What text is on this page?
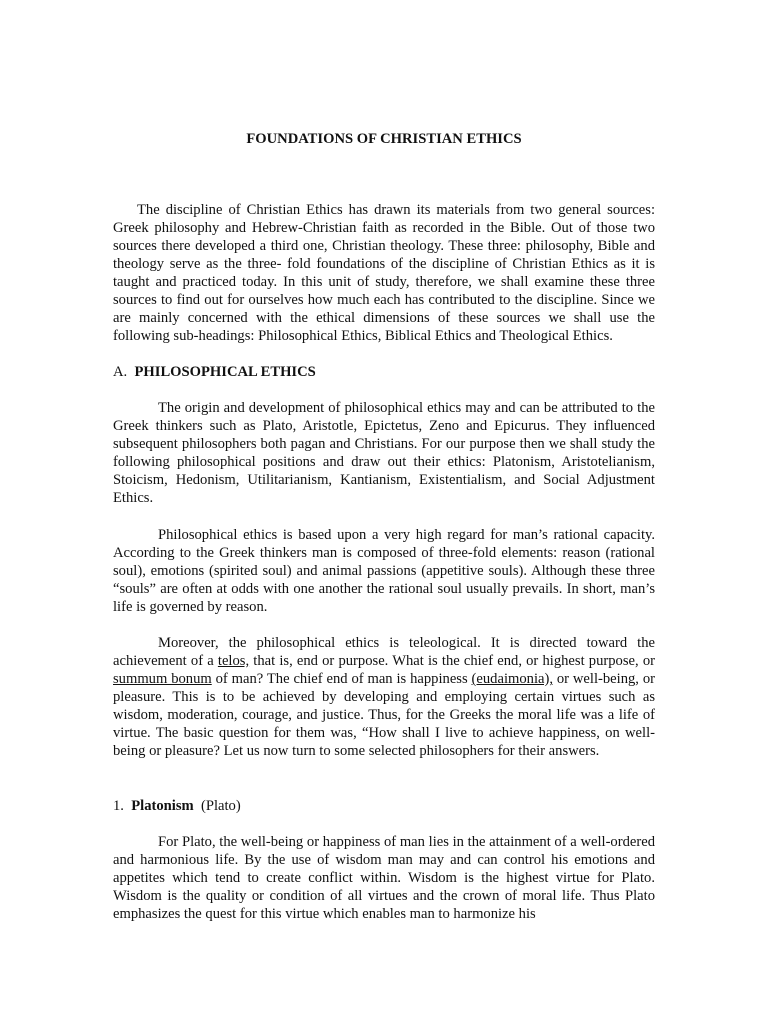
FOUNDATIONS OF CHRISTIAN ETHICS

The discipline of Christian Ethics has drawn its materials from two general sources: Greek philosophy and Hebrew-Christian faith as recorded in the Bible. Out of those two sources there developed a third one, Christian theology. These three: philosophy, Bible and theology serve as the three- fold foundations of the discipline of Christian Ethics as it is taught and practiced today. In this unit of study, therefore, we shall examine these three sources to find out for ourselves how much each has contributed to the discipline. Since we are mainly concerned with the ethical dimensions of these sources we shall use the following sub-headings: Philosophical Ethics, Biblical Ethics and Theological Ethics.

A. PHILOSOPHICAL ETHICS

The origin and development of philosophical ethics may and can be attributed to the Greek thinkers such as Plato, Aristotle, Epictetus, Zeno and Epicurus. They influenced subsequent philosophers both pagan and Christians. For our purpose then we shall study the following philosophical positions and draw out their ethics: Platonism, Aristotelianism, Stoicism, Hedonism, Utilitarianism, Kantianism, Existentialism, and Social Adjustment Ethics.

Philosophical ethics is based upon a very high regard for man’s rational capacity. According to the Greek thinkers man is composed of three-fold elements: reason (rational soul), emotions (spirited soul) and animal passions (appetitive souls). Although these three “souls” are often at odds with one another the rational soul usually prevails. In short, man’s life is governed by reason.

Moreover, the philosophical ethics is teleological. It is directed toward the achievement of a telos, that is, end or purpose. What is the chief end, or highest purpose, or summum bonum of man? The chief end of man is happiness (eudaimonia), or well-being, or pleasure. This is to be achieved by developing and employing certain virtues such as wisdom, moderation, courage, and justice. Thus, for the Greeks the moral life was a life of virtue. The basic question for them was, “How shall I live to achieve happiness, on well-being or pleasure? Let us now turn to some selected philosophers for their answers.

1. Platonism (Plato)

For Plato, the well-being or happiness of man lies in the attainment of a well-ordered and harmonious life. By the use of wisdom man may and can control his emotions and appetites which tend to create conflict within. Wisdom is the highest virtue for Plato. Wisdom is the quality or condition of all virtues and the crown of moral life. Thus Plato emphasizes the quest for this virtue which enables man to harmonize his
